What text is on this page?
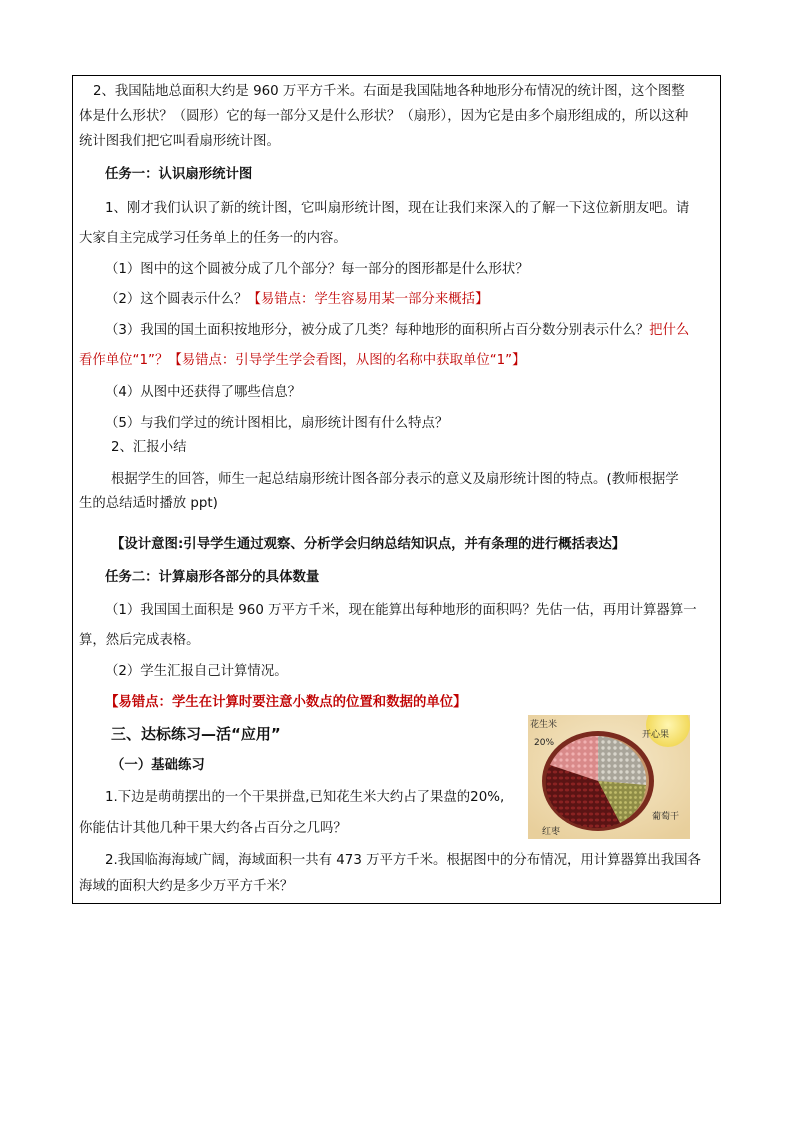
2、我国陆地总面积大约是 960 万平方千米。右面是我国陆地各种地形分布情况的统计图，这个图整
体是什么形状？（圆形）它的每一部分又是什么形状？（扇形），因为它是由多个扇形组成的，所以这种
统计图我们把它叫看扇形统计图。
任务一：认识扇形统计图
1、刚才我们认识了新的统计图，它叫扇形统计图，现在让我们来深入的了解一下这位新朋友吧。请
大家自主完成学习任务单上的任务一的内容。
（1）图中的这个圆被分成了几个部分？每一部分的图形都是什么形状？
（2）这个圆表示什么？【易错点：学生容易用某一部分来概括】
（3）我国的国土面积按地形分，被分成了几类？每种地形的面积所占百分数分别表示什么？把什么
看作单位“1”？【易错点：引导学生学会看图，从图的名称中获取单位“1”】
（4）从图中还获得了哪些信息？
（5）与我们学过的统计图相比，扇形统计图有什么特点？
2、汇报小结
根据学生的回答，师生一起总结扇形统计图各部分表示的意义及扇形统计图的特点。(教师根据学
生的总结适时播放 ppt)
【设计意图:引导学生通过观察、分析学会归纳总结知识点，并有条理的进行概括表达】
任务二：计算扇形各部分的具体数量
（1）我国国土面积是 960 万平方千米，现在能算出每种地形的面积吗？先估一估，再用计算器算一
算，然后完成表格。
（2）学生汇报自己计算情况。
【易错点：学生在计算时要注意小数点的位置和数据的单位】
三、达标练习—活“应用”
（一）基础练习
1.下边是萌萌摆出的一个干果拼盘,已知花生米大约占了果盘的20%,
你能估计其他几种干果大约各占百分之几吗？
2.我国临海海域广阔，海域面积一共有 473 万平方千米。根据图中的分布情况，用计算器算出我国各
海域的面积大约是多少万平方千米？
花生米
20%
开心果
葡萄干
红枣
